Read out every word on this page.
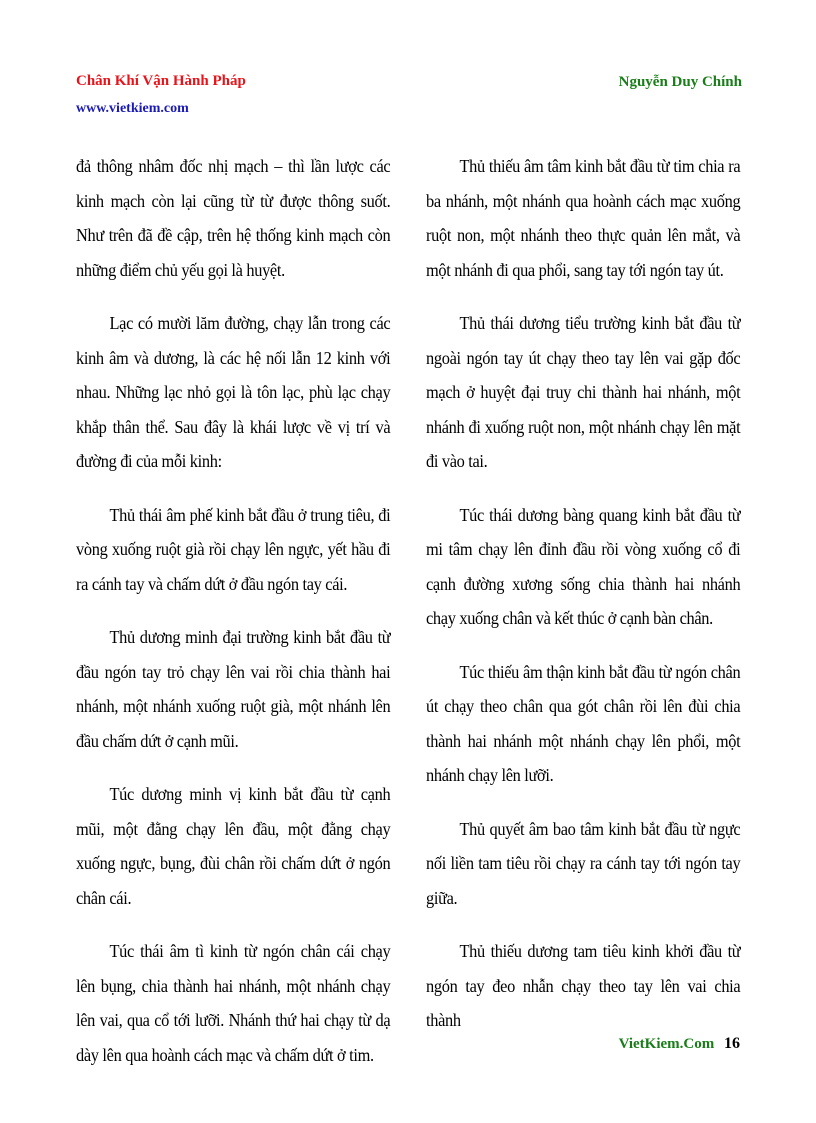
Chân Khí Vận Hành Pháp
www.vietkiem.com
Nguyễn Duy Chính

đả thông nhâm đốc nhị mạch – thì lần lược các kinh mạch còn lại cũng từ từ được thông suốt. Như trên đã đề cập, trên hệ thống kinh mạch còn những điểm chủ yếu gọi là huyệt.

Lạc có mười lăm đường, chạy lẫn trong các kinh âm và dương, là các hệ nối lẫn 12 kinh với nhau. Những lạc nhỏ gọi là tôn lạc, phù lạc chạy khắp thân thể. Sau đây là khái lược về vị trí và đường đi của mỗi kinh:

Thủ thái âm phế kinh bắt đầu ở trung tiêu, đi vòng xuống ruột già rồi chạy lên ngực, yết hầu đi ra cánh tay và chấm dứt ở đầu ngón tay cái.

Thủ dương minh đại trường kinh bắt đầu từ đầu ngón tay trỏ chạy lên vai rồi chia thành hai nhánh, một nhánh xuống ruột già, một nhánh lên đầu chấm dứt ở cạnh mũi.

Túc dương minh vị kinh bắt đầu từ cạnh mũi, một đằng chạy lên đầu, một đằng chạy xuống ngực, bụng, đùi chân rồi chấm dứt ở ngón chân cái.

Túc thái âm tì kinh từ ngón chân cái chạy lên bụng, chia thành hai nhánh, một nhánh chạy lên vai, qua cổ tới lưỡi. Nhánh thứ hai chạy từ dạ dày lên qua hoành cách mạc và chấm dứt ở tim.

Thủ thiếu âm tâm kinh bắt đầu từ tim chia ra ba nhánh, một nhánh qua hoành cách mạc xuống ruột non, một nhánh theo thực quản lên mắt, và một nhánh đi qua phổi, sang tay tới ngón tay út.

Thủ thái dương tiểu trường kinh bắt đầu từ ngoài ngón tay út chạy theo tay lên vai gặp đốc mạch ở huyệt đại truy chi thành hai nhánh, một nhánh đi xuống ruột non, một nhánh chạy lên mặt đi vào tai.

Túc thái dương bàng quang kinh bắt đầu từ mi tâm chạy lên đỉnh đầu rồi vòng xuống cổ đi cạnh đường xương sống chia thành hai nhánh chạy xuống chân và kết thúc ở cạnh bàn chân.

Túc thiếu âm thận kinh bắt đầu từ ngón chân út chạy theo chân qua gót chân rồi lên đùi chia thành hai nhánh một nhánh chạy lên phổi, một nhánh chạy lên lưỡi.

Thủ quyết âm bao tâm kinh bắt đầu từ ngực nối liền tam tiêu rồi chạy ra cánh tay tới ngón tay giữa.

Thủ thiếu dương tam tiêu kinh khởi đầu từ ngón tay đeo nhẫn chạy theo tay lên vai chia thành

VietKiem.Com 16
